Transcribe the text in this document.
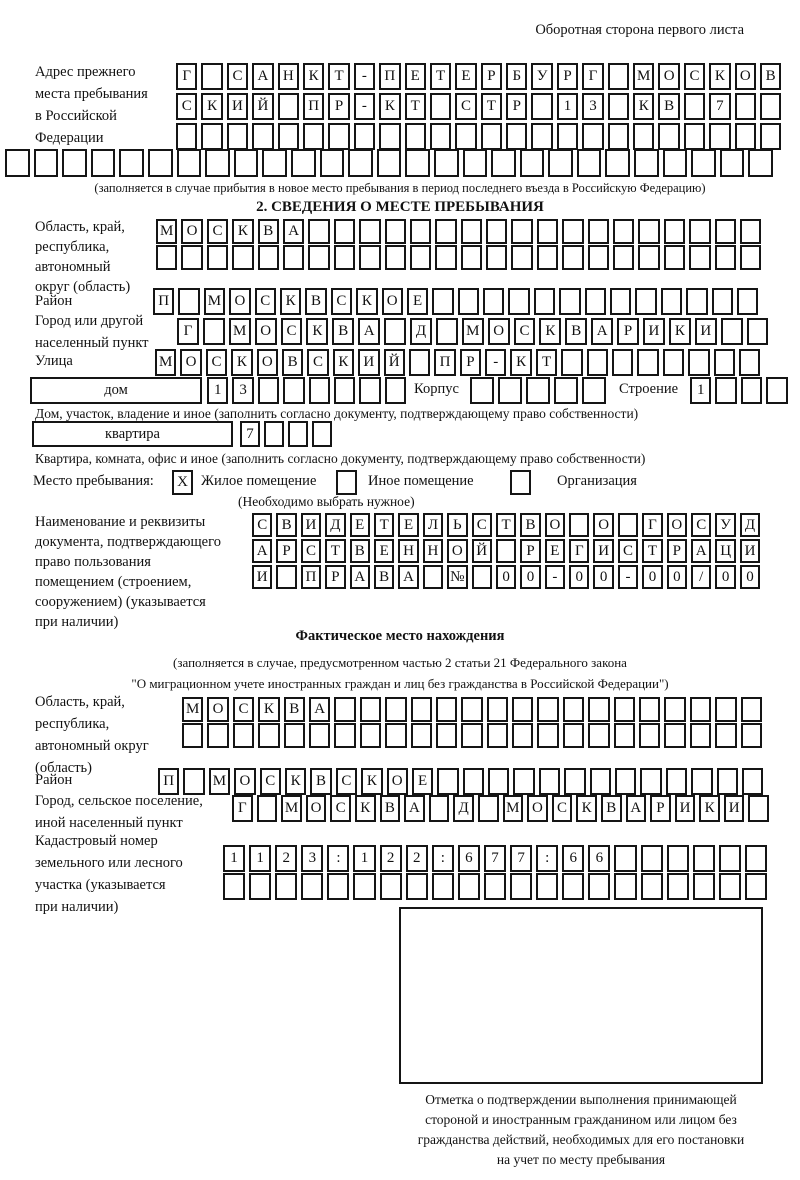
Оборотная сторона первого листа
Адрес прежнего
места пребывания
в Российской
Федерации
Г	С А Н К	Т	-	П	Е	Т	Е	Р	Б	У	Р	Г	М О С	К О В
С	К И Й	П	Р	-	К	Т	С	Т	Р	1	3	К	В	7
(заполняется в случае прибытия в новое место пребывания в период последнего въезда в Российскую Федерацию)
2. СВЕДЕНИЯ О МЕСТЕ ПРЕБЫВАНИЯ
Область, край,
республика,
автономный
округ (область)
М О С	К	В А
Район	П	М О С	К	В	С	К О	Е
Город или другой
населенный пункт
Г	М О	С	К	В	А	Д	М О	С	К	В	А	Р	И	К	И
Улица	М О С	К О В	С	К И Й	П	Р	-	К	Т
дом	1	3	Корпус	Строение	1
Дом, участок, владение и иное (заполнить согласно документу, подтверждающему право собственности)
квартира	7
Квартира, комната, офис и иное (заполнить согласно документу, подтверждающему право собственности)
Место пребывания:	X Жилое помещение	Иное помещение	Организация
(Необходимо выбрать нужное)
Наименование и реквизиты
документа, подтверждающего
право пользования
помещением (строением,
сооружением) (указывается
при наличии)
С В И Д Е	Т	Е Л Ь	С Т В О	О	Г О С У Д
А Р	С Т В Е Н Н О Й	Р	Е	Г И С Т	Р А Ц И
И	П Р А В А	№	0	0	-	0	0	-	0	0	/	0	0
Фактическое место нахождения
(заполняется в случае, предусмотренном частью 2 статьи 21 Федерального закона
"О миграционном учете иностранных граждан и лиц без гражданства в Российской Федерации")
Область, край,
республика,
автономный округ
(область)
М О С	К	В А
Район	П	М О С	К	В	С	К О	Е
Город, сельское поселение,
иной населенный пункт
Г	М О С К В А	Д	М О С К В А	Р	И К И
Кадастровый номер
земельного или лесного
участка (указывается
при наличии)
1	1	2	3	:	1	2	2	:	6	7	7	:	6	6
Отметка о подтверждении выполнения принимающей
стороной и иностранным гражданином или лицом без
гражданства действий, необходимых для его постановки
на учет по месту пребывания
